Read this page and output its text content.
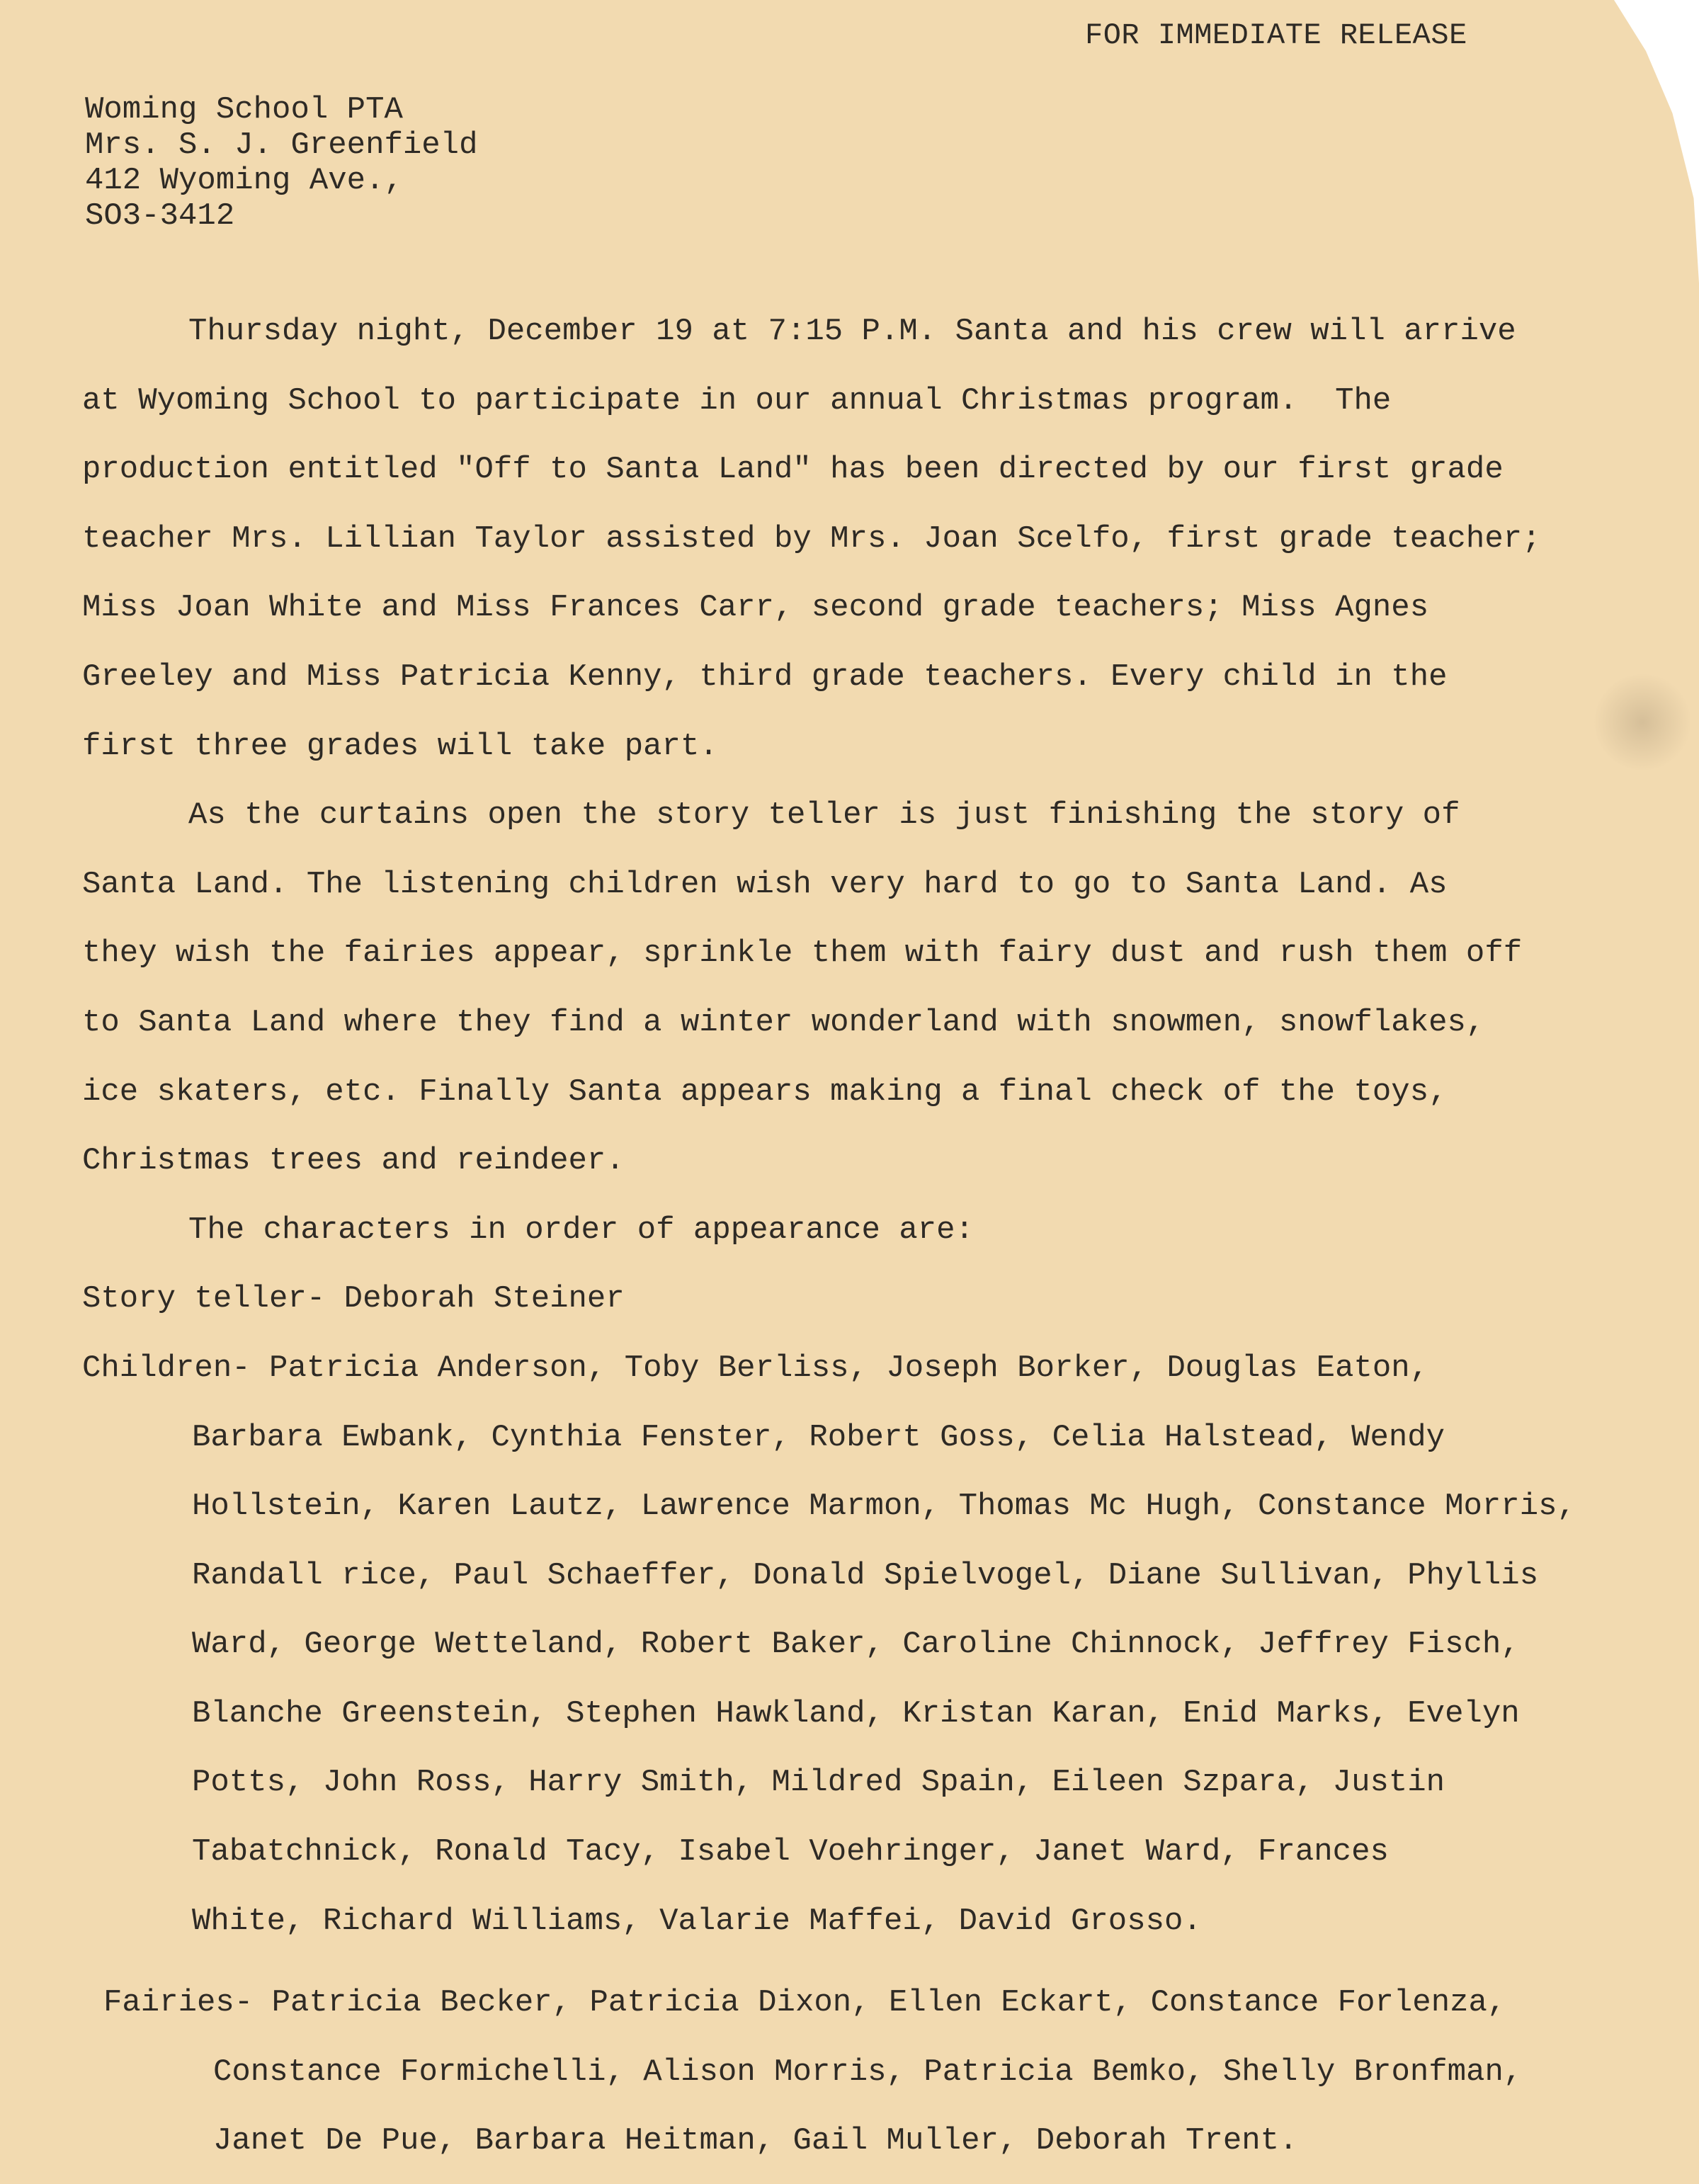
FOR IMMEDIATE RELEASE
Woming School PTA
Mrs. S. J. Greenfield
412 Wyoming Ave.,
SO3-3412
Thursday night, December 19 at 7:15 P.M. Santa and his crew will arrive
at Wyoming School to participate in our annual Christmas program.  The
production entitled "Off to Santa Land" has been directed by our first grade
teacher Mrs. Lillian Taylor assisted by Mrs. Joan Scelfo, first grade teacher;
Miss Joan White and Miss Frances Carr, second grade teachers; Miss Agnes
Greeley and Miss Patricia Kenny, third grade teachers. Every child in the
first three grades will take part.
As the curtains open the story teller is just finishing the story of
Santa Land. The listening children wish very hard to go to Santa Land. As
they wish the fairies appear, sprinkle them with fairy dust and rush them off
to Santa Land where they find a winter wonderland with snowmen, snowflakes,
ice skaters, etc. Finally Santa appears making a final check of the toys,
Christmas trees and reindeer.
The characters in order of appearance are:
Story teller- Deborah Steiner
Children- Patricia Anderson, Toby Berliss, Joseph Borker, Douglas Eaton,
Barbara Ewbank, Cynthia Fenster, Robert Goss, Celia Halstead, Wendy
Hollstein, Karen Lautz, Lawrence Marmon, Thomas Mc Hugh, Constance Morris,
Randall rice, Paul Schaeffer, Donald Spielvogel, Diane Sullivan, Phyllis
Ward, George Wetteland, Robert Baker, Caroline Chinnock, Jeffrey Fisch,
Blanche Greenstein, Stephen Hawkland, Kristan Karan, Enid Marks, Evelyn
Potts, John Ross, Harry Smith, Mildred Spain, Eileen Szpara, Justin
Tabatchnick, Ronald Tacy, Isabel Voehringer, Janet Ward, Frances
White, Richard Williams, Valarie Maffei, David Grosso.
Fairies- Patricia Becker, Patricia Dixon, Ellen Eckart, Constance Forlenza,
Constance Formichelli, Alison Morris, Patricia Bemko, Shelly Bronfman,
Janet De Pue, Barbara Heitman, Gail Muller, Deborah Trent.
